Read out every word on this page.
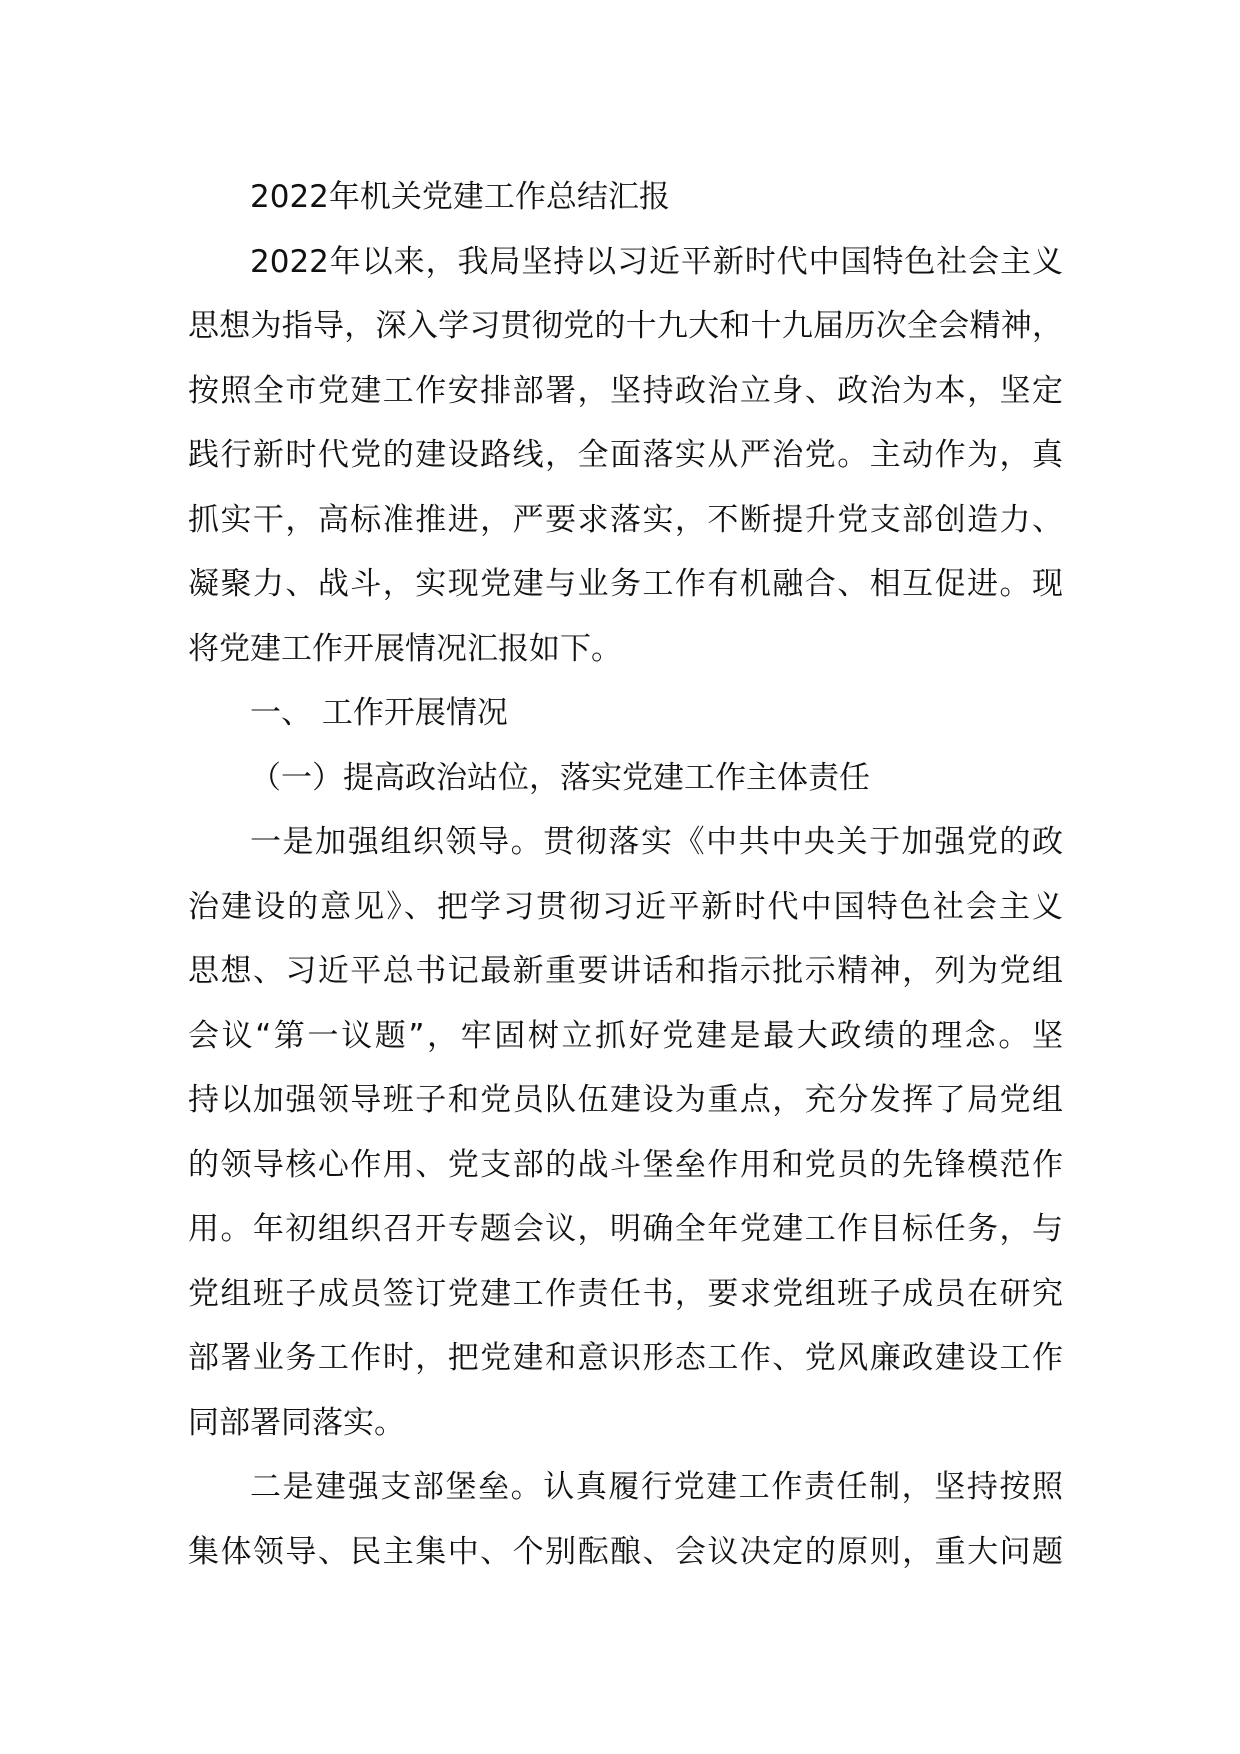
2022年机关党建工作总结汇报
2022年以来，我局坚持以习近平新时代中国特色社会主义
思想为指导，深入学习贯彻党的十九大和十九届历次全会精神，
按照全市党建工作安排部署，坚持政治立身、政治为本，坚定
践行新时代党的建设路线，全面落实从严治党。主动作为，真
抓实干，高标准推进，严要求落实，不断提升党支部创造力、
凝聚力、战斗，实现党建与业务工作有机融合、相互促进。现
将党建工作开展情况汇报如下。
一、 工作开展情况
（一）提高政治站位，落实党建工作主体责任
一是加强组织领导。贯彻落实《中共中央关于加强党的政
治建设的意见》、把学习贯彻习近平新时代中国特色社会主义
思想、习近平总书记最新重要讲话和指示批示精神，列为党组
会议“第一议题”，牢固树立抓好党建是最大政绩的理念。坚
持以加强领导班子和党员队伍建设为重点，充分发挥了局党组
的领导核心作用、党支部的战斗堡垒作用和党员的先锋模范作
用。年初组织召开专题会议，明确全年党建工作目标任务，与
党组班子成员签订党建工作责任书，要求党组班子成员在研究
部署业务工作时，把党建和意识形态工作、党风廉政建设工作
同部署同落实。
二是建强支部堡垒。认真履行党建工作责任制，坚持按照
集体领导、民主集中、个别酝酿、会议决定的原则，重大问题
